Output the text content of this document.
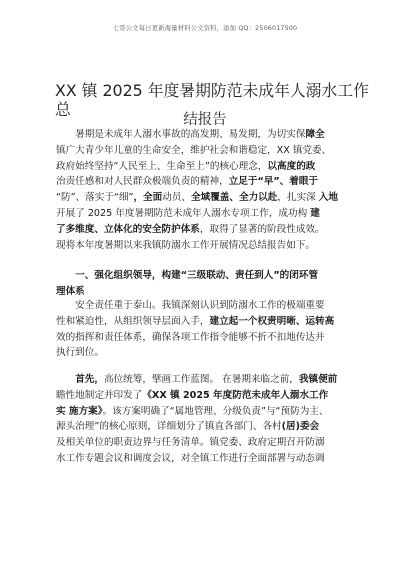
七哥公文每日更新海量材料公文资料，添加 QQ：2506017500
XX 镇 2025 年度暑期防范未成年人溺水工作
总
结报告
　　暑期是未成年人溺水事故的高发期、易发期，为切实保障全
镇广大青少年儿童的生命安全，维护社会和谐稳定，XX 镇党委、
政府始终坚持“人民至上、生命至上”的核心理念，以高度的政
治责任感和对人民群众极端负责的精神，立足于“早”、着眼于
“防”、落实于“细”，全面动员、全域覆盖、全力以赴，扎实深 入地
开展了 2025 年度暑期防范未成年人溺水专项工作，成功构 建
了多维度、立体化的安全防护体系，取得了显著的阶段性成效。
现将本年度暑期以来我镇防溺水工作开展情况总结报告如下。
　　一、强化组织领导，构建“三级联动、责任到人”的闭环管
理体系
　　安全责任重于泰山。我镇深刻认识到防溺水工作的极端重要
性和紧迫性，从组织领导层面入手，建立起一个权责明晰、运转高
效的指挥和责任体系，确保各项工作指令能够不折不扣地传达并
执行到位。
　　首先，高位统筹，擘画工作蓝图。 在暑期来临之前，我镇便前
瞻性地制定并印发了《XX 镇 2025 年度防范未成年人溺水工作
实 施方案》。该方案明确了“属地管理、分级负责”与“预防为主、
源头治理”的核心原则，详细划分了镇直各部门、各村(居)委会
及相关单位的职责边界与任务清单。镇党委、政府定期召开防溺
水工作专题会议和调度会议，对全镇工作进行全面部署与动态调
